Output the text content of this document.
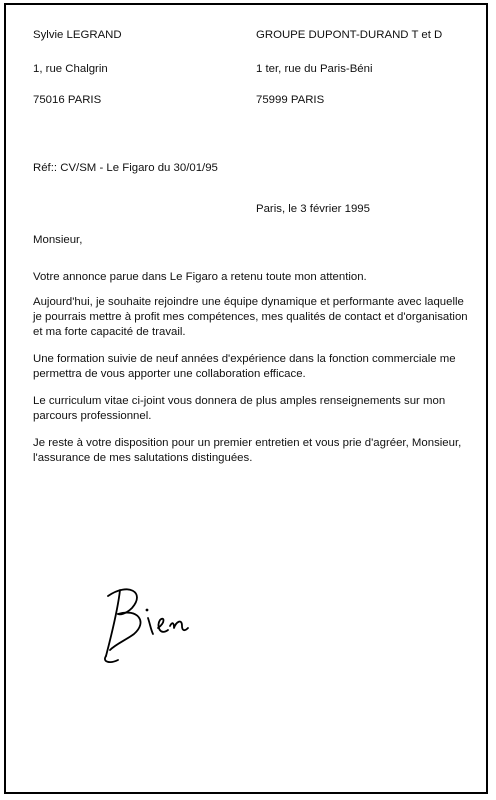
Sylvie LEGRAND
1, rue Chalgrin
75016 PARIS
GROUPE DUPONT-DURAND T et D
1 ter, rue du Paris-Béni
75999 PARIS
Réf:: CV/SM - Le Figaro du 30/01/95
Paris, le 3 février 1995
Monsieur,
Votre annonce parue dans Le Figaro a retenu toute mon attention.
Aujourd'hui, je souhaite rejoindre une équipe dynamique et performante avec laquelle je pourrais mettre à profit mes compétences, mes qualités de contact et d'organisation et ma forte capacité de travail.
Une formation suivie de neuf années d'expérience dans la fonction commerciale me permettra de vous apporter une collaboration efficace.
Le curriculum vitae ci-joint vous donnera de plus amples renseignements sur mon parcours professionnel.
Je reste à votre disposition pour un premier entretien et vous prie d'agréer, Monsieur, l'assurance de mes salutations distinguées.
